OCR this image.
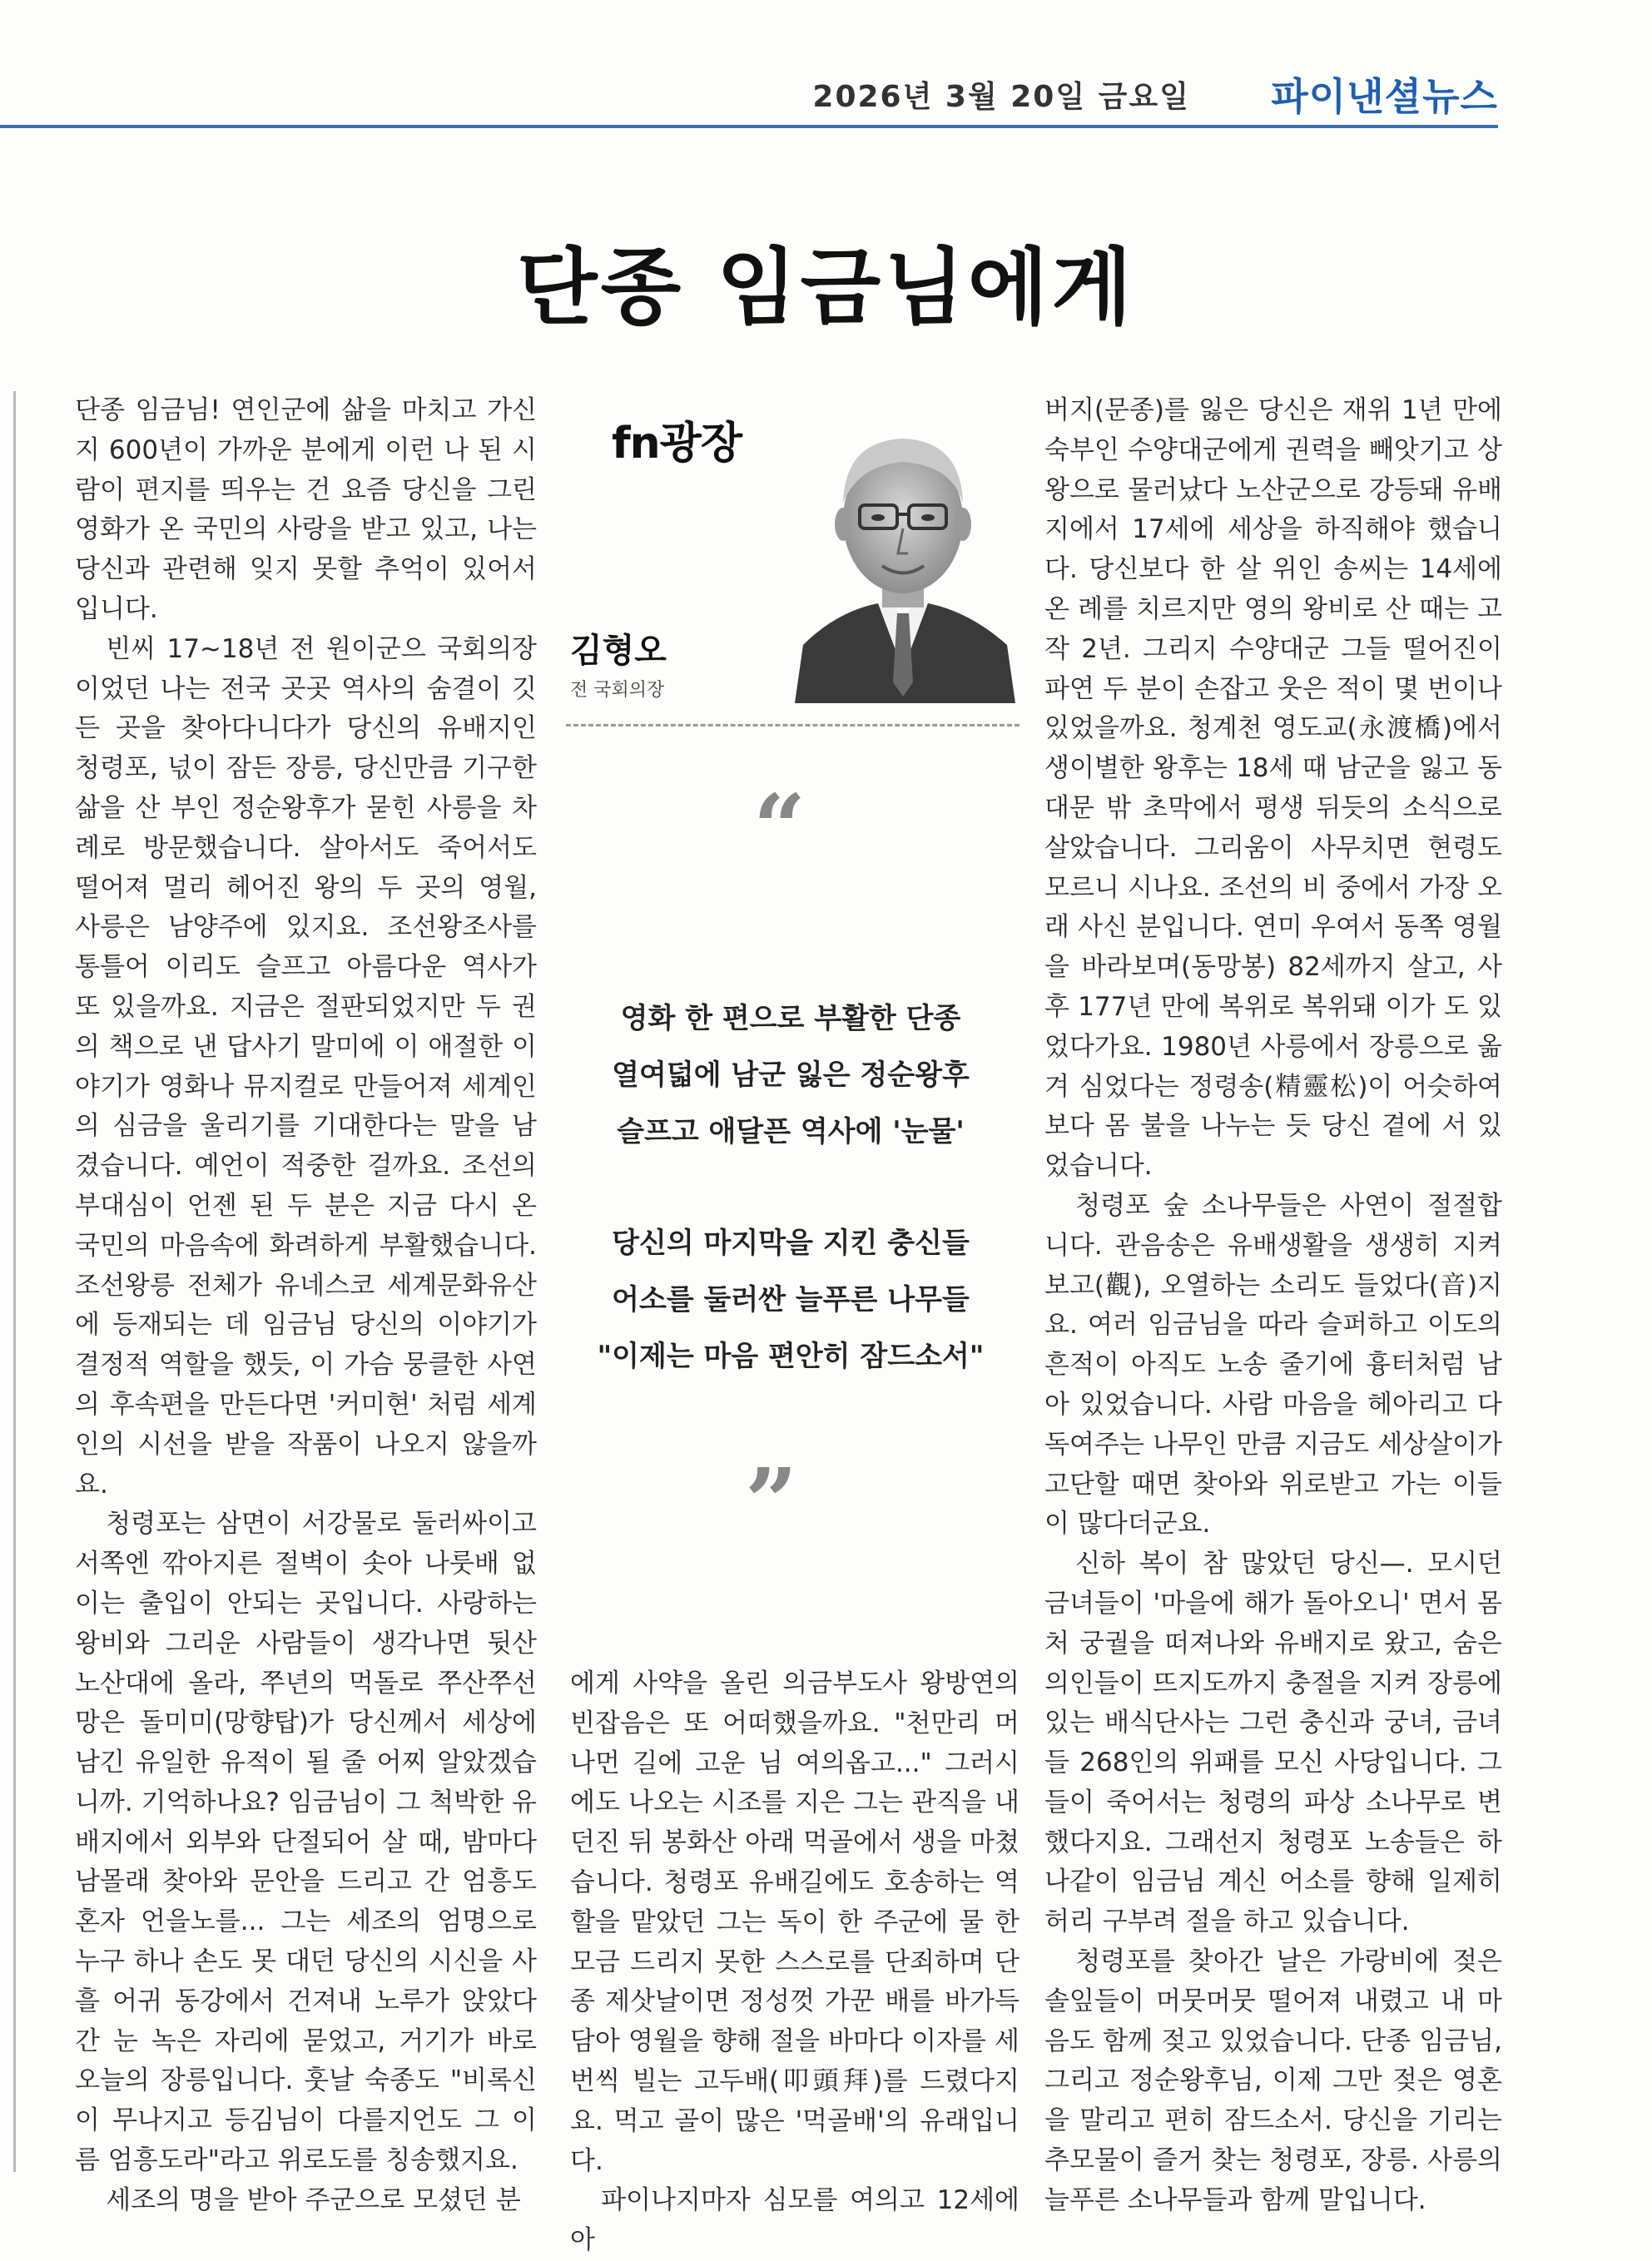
2026년 3월 20일 금요일 파이낸셜뉴스
단종 임금님에게

단종 임금님! 연인군에 삶을 마치고 가신 지 600년이 가까운 분에게 이런 나 된 시람이 편지를 띄우는 건 요즘 당신을 그린 영화가 온 국민의 사랑을 받고 있고, 나는 당신과 관련해 잊지 못할 추억이 있어서입니다.

빈씨 17~18년 전 원이군으 국회의장이었던 나는 전국 곳곳 역사의 숨결이 깃든 곳을 찾아다니다가 당신의 유배지인 청령포, 넋이 잠든 장릉, 당신만큼 기구한 삶을 산 부인 정순왕후가 묻힌 사릉을 차례로 방문했습니다. 살아서도 죽어서도 떨어져 멀리 헤어진 왕의 두 곳의 영월, 사릉은 남양주에 있지요. 조선왕조사를 통틀어 이리도 슬프고 아름다운 역사가 또 있을까요. 지금은 절판되었지만 두 권의 책으로 낸 답사기 말미에 이 애절한 이야기가 영화나 뮤지컬로 만들어져 세계인의 심금을 울리기를 기대한다는 말을 남겼습니다. 예언이 적중한 걸까요. 조선의 부대심이 언젠 된 두 분은 지금 다시 온 국민의 마음속에 화려하게 부활했습니다. 조선왕릉 전체가 유네스코 세계문화유산에 등재되는 데 임금님 당신의 이야기가 결정적 역할을 했듯, 이 가슴 뭉클한 사연의 후속편을 만든다면 '커미현' 처럼 세계인의 시선을 받을 작품이 나오지 않을까요.

청령포는 삼면이 서강물로 둘러싸이고 서쪽엔 깎아지른 절벽이 솟아 나룻배 없이는 출입이 안되는 곳입니다. 사랑하는 왕비와 그리운 사람들이 생각나면 뒷산 노산대에 올라, 쭈년의 먹돌로 쭈산쭈선 망은 돌미미(망향탑)가 당신께서 세상에 남긴 유일한 유적이 될 줄 어찌 알았겠습니까. 기억하나요? 임금님이 그 척박한 유배지에서 외부와 단절되어 살 때, 밤마다 남몰래 찾아와 문안을 드리고 간 엄흥도 혼자 언을노를... 그는 세조의 엄명으로 누구 하나 손도 못 대던 당신의 시신을 사흘 어귀 동강에서 건져내 노루가 앉았다 간 눈 녹은 자리에 묻었고, 거기가 바로 오늘의 장릉입니다. 훗날 숙종도 "비록신이 무나지고 등김님이 다를지언도 그 이름 엄흥도라"라고 위로도를 칭송했지요.

세조의 명을 받아 주군으로 모셨던 분

fn광장
김형오
전 국회의장
“
영화 한 편으로 부활한 단종
열여덟에 남군 잃은 정순왕후
슬프고 애달픈 역사에 '눈물'
당신의 마지막을 지킨 충신들
어소를 둘러싼 늘푸른 나무들
"이제는 마음 편안히 잠드소서"
”

에게 사약을 올린 의금부도사 왕방연의 빈잡음은 또 어떠했을까요. "천만리 머나먼 길에 고운 님 여의옵고..." 그러시에도 나오는 시조를 지은 그는 관직을 내던진 뒤 봉화산 아래 먹골에서 생을 마쳤습니다. 청령포 유배길에도 호송하는 역할을 맡았던 그는 독이 한 주군에 물 한 모금 드리지 못한 스스로를 단죄하며 단종 제삿날이면 정성껏 가꾼 배를 바가득 담아 영월을 향해 절을 바마다 이자를 세 번씩 빌는 고두배(叩頭拜)를 드렸다지요. 먹고 골이 많은 '먹골배'의 유래입니다.

파이나지마자 심모를 여의고 12세에 아

버지(문종)를 잃은 당신은 재위 1년 만에 숙부인 수양대군에게 권력을 빼앗기고 상왕으로 물러났다 노산군으로 강등돼 유배지에서 17세에 세상을 하직해야 했습니다. 당신보다 한 살 위인 송씨는 14세에 온 례를 치르지만 영의 왕비로 산 때는 고작 2년. 그리지 수양대군 그들 떨어진이 파연 두 분이 손잡고 웃은 적이 몇 번이나 있었을까요. 청계천 영도교(永渡橋)에서 생이별한 왕후는 18세 때 남군을 잃고 동대문 밖 초막에서 평생 뒤듯의 소식으로 살았습니다. 그리움이 사무치면 현령도 모르니 시나요. 조선의 비 중에서 가장 오래 사신 분입니다. 연미 우여서 동쪽 영월을 바라보며(동망봉) 82세까지 살고, 사후 177년 만에 복위로 복위돼 이가 도 있었다가요. 1980년 사릉에서 장릉으로 옮겨 심었다는 정령송(精靈松)이 어슷하여 보다 몸 불을 나누는 듯 당신 곁에 서 있었습니다.

청령포 숲 소나무들은 사연이 절절합니다. 관음송은 유배생활을 생생히 지켜보고(觀), 오열하는 소리도 들었다(音)지요. 여러 임금님을 따라 슬퍼하고 이도의 흔적이 아직도 노송 줄기에 흉터처럼 남아 있었습니다. 사람 마음을 헤아리고 다독여주는 나무인 만큼 지금도 세상살이가 고단할 때면 찾아와 위로받고 가는 이들이 많다더군요.

신하 복이 참 많았던 당신—. 모시던 금녀들이 '마을에 해가 돌아오니' 면서 몸처 궁궐을 떠져나와 유배지로 왔고, 숨은 의인들이 뜨지도까지 충절을 지켜 장릉에 있는 배식단사는 그런 충신과 궁녀, 금녀들 268인의 위패를 모신 사당입니다. 그들이 죽어서는 청령의 파상 소나무로 변했다지요. 그래선지 청령포 노송들은 하나같이 임금님 계신 어소를 향해 일제히 허리 구부려 절을 하고 있습니다.

청령포를 찾아간 날은 가랑비에 젖은 솔잎들이 머뭇머뭇 떨어져 내렸고 내 마음도 함께 젖고 있었습니다. 단종 임금님, 그리고 정순왕후님, 이제 그만 젖은 영혼을 말리고 편히 잠드소서. 당신을 기리는 추모물이 즐거 찾는 청령포, 장릉. 사릉의 늘푸른 소나무들과 함께 말입니다.
